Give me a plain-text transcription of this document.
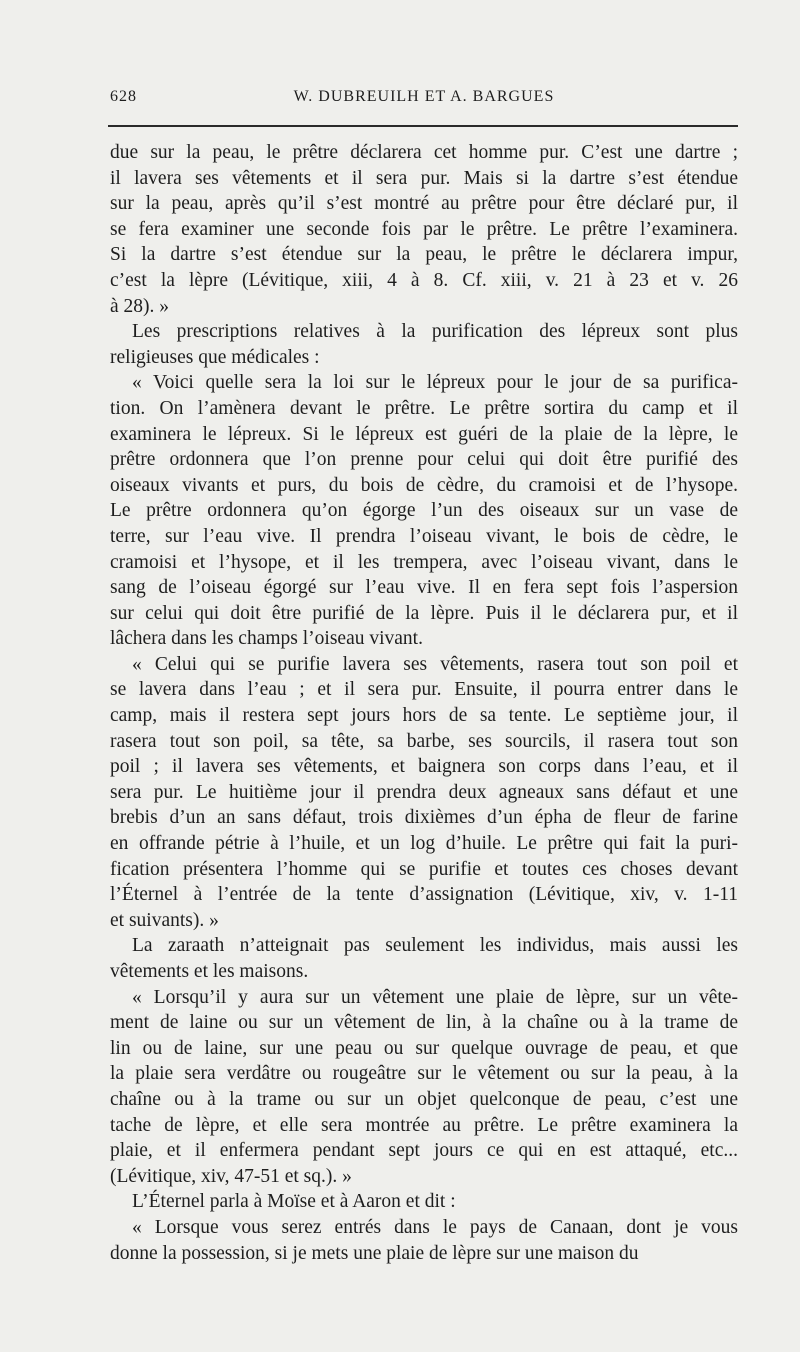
628	W. DUBREUILH ET A. BARGUES

due sur la peau, le prêtre déclarera cet homme pur. C’est une dartre ;
il lavera ses vêtements et il sera pur. Mais si la dartre s’est étendue
sur la peau, après qu’il s’est montré au prêtre pour être déclaré pur, il
se fera examiner une seconde fois par le prêtre. Le prêtre l’examinera.
Si la dartre s’est étendue sur la peau, le prêtre le déclarera impur,
c’est la lèpre (Lévitique, xiii, 4 à 8. Cf. xiii, v. 21 à 23 et v. 26
à 28). »

Les prescriptions relatives à la purification des lépreux sont plus
religieuses que médicales :

« Voici quelle sera la loi sur le lépreux pour le jour de sa purifica-
tion. On l’amènera devant le prêtre. Le prêtre sortira du camp et il
examinera le lépreux. Si le lépreux est guéri de la plaie de la lèpre, le
prêtre ordonnera que l’on prenne pour celui qui doit être purifié des
oiseaux vivants et purs, du bois de cèdre, du cramoisi et de l’hysope.
Le prêtre ordonnera qu’on égorge l’un des oiseaux sur un vase de
terre, sur l’eau vive. Il prendra l’oiseau vivant, le bois de cèdre, le
cramoisi et l’hysope, et il les trempera, avec l’oiseau vivant, dans le
sang de l’oiseau égorgé sur l’eau vive. Il en fera sept fois l’aspersion
sur celui qui doit être purifié de la lèpre. Puis il le déclarera pur, et il
lâchera dans les champs l’oiseau vivant.

« Celui qui se purifie lavera ses vêtements, rasera tout son poil et
se lavera dans l’eau ; et il sera pur. Ensuite, il pourra entrer dans le
camp, mais il restera sept jours hors de sa tente. Le septième jour, il
rasera tout son poil, sa tête, sa barbe, ses sourcils, il rasera tout son
poil ; il lavera ses vêtements, et baignera son corps dans l’eau, et il
sera pur. Le huitième jour il prendra deux agneaux sans défaut et une
brebis d’un an sans défaut, trois dixièmes d’un épha de fleur de farine
en offrande pétrie à l’huile, et un log d’huile. Le prêtre qui fait la puri-
fication présentera l’homme qui se purifie et toutes ces choses devant
l’Éternel à l’entrée de la tente d’assignation (Lévitique, xiv, v. 1-11
et suivants). »

La zaraath n’atteignait pas seulement les individus, mais aussi les
vêtements et les maisons.

« Lorsqu’il y aura sur un vêtement une plaie de lèpre, sur un vête-
ment de laine ou sur un vêtement de lin, à la chaîne ou à la trame de
lin ou de laine, sur une peau ou sur quelque ouvrage de peau, et que
la plaie sera verdâtre ou rougeâtre sur le vêtement ou sur la peau, à la
chaîne ou à la trame ou sur un objet quelconque de peau, c’est une
tache de lèpre, et elle sera montrée au prêtre. Le prêtre examinera la
plaie, et il enfermera pendant sept jours ce qui en est attaqué, etc...
(Lévitique, xiv, 47-51 et sq.). »

L’Éternel parla à Moïse et à Aaron et dit :

« Lorsque vous serez entrés dans le pays de Canaan, dont je vous
donne la possession, si je mets une plaie de lèpre sur une maison du
